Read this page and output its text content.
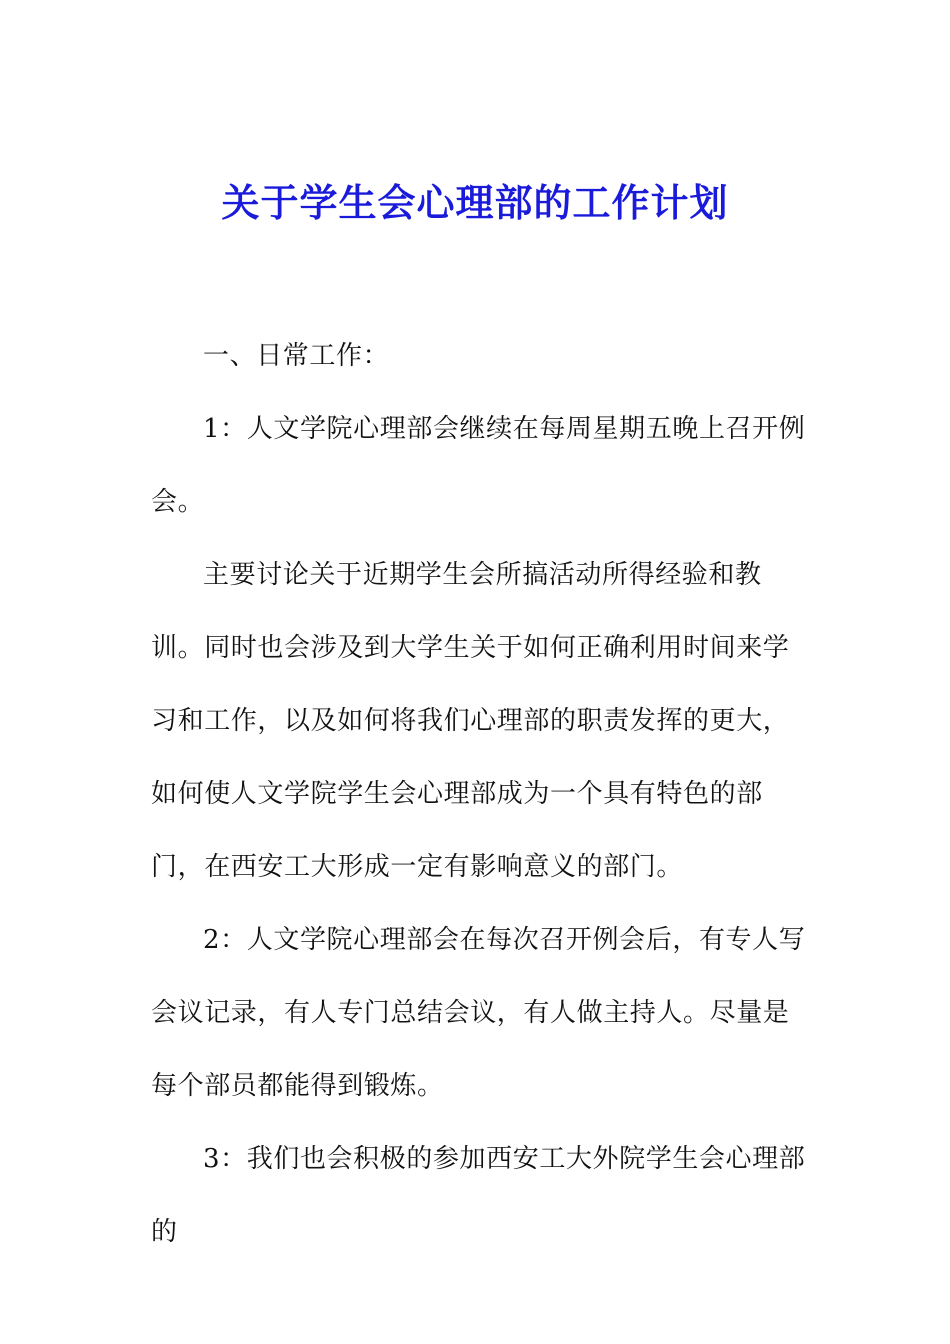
关于学生会心理部的工作计划

一、日常工作：

1：人文学院心理部会继续在每周星期五晚上召开例会。

主要讨论关于近期学生会所搞活动所得经验和教训。同时也会涉及到大学生关于如何正确利用时间来学习和工作，以及如何将我们心理部的职责发挥的更大，如何使人文学院学生会心理部成为一个具有特色的部门，在西安工大形成一定有影响意义的部门。

2：人文学院心理部会在每次召开例会后，有专人写会议记录，有人专门总结会议，有人做主持人。尽量是每个部员都能得到锻炼。

3：我们也会积极的参加西安工大外院学生会心理部的
